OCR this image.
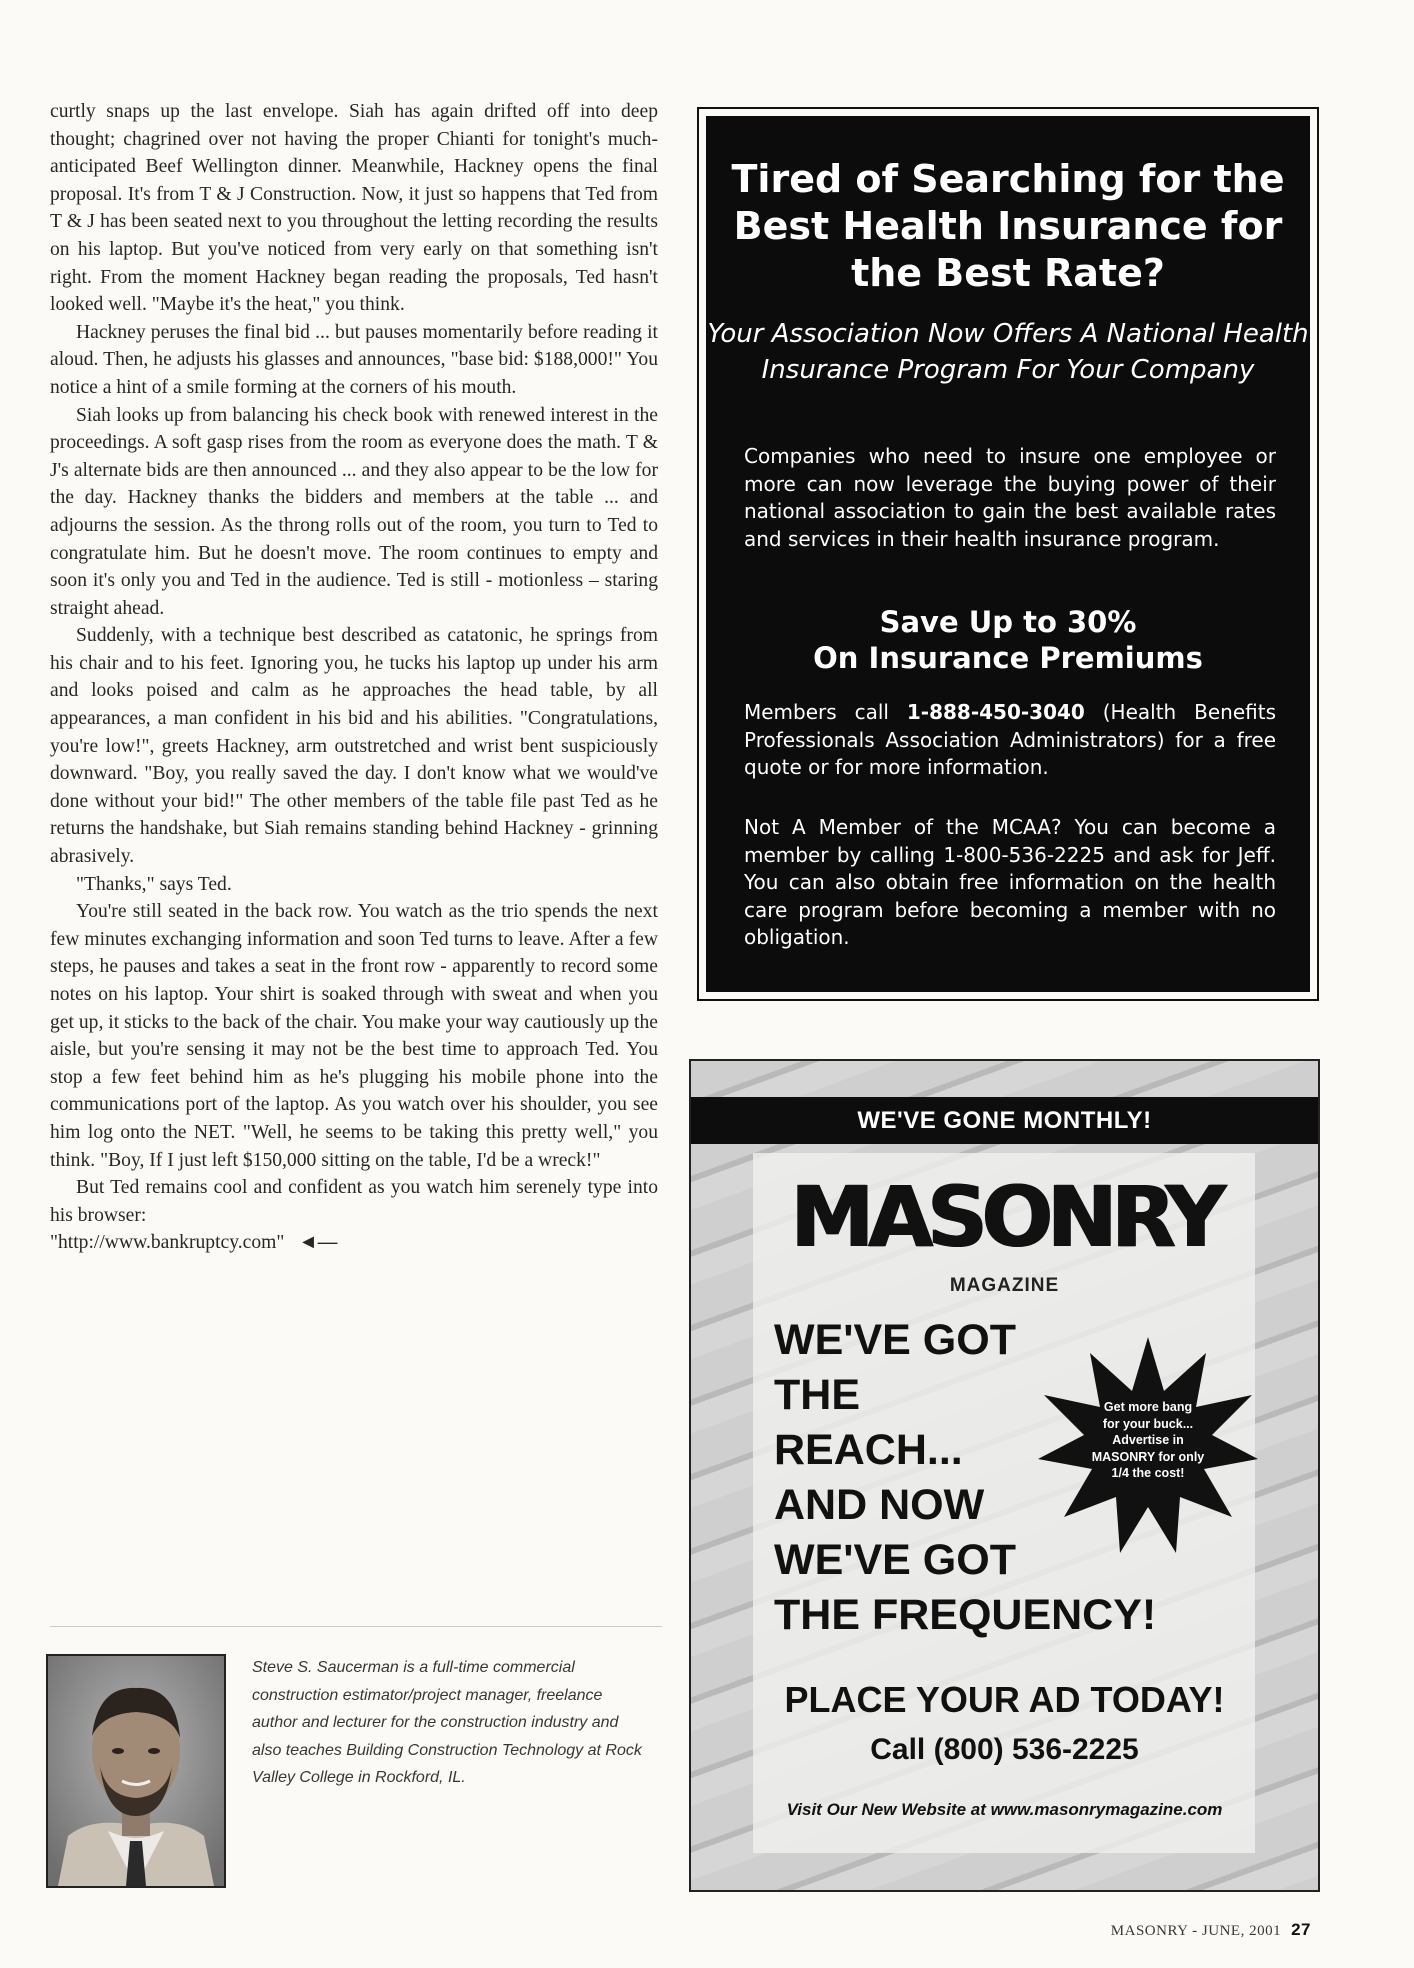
curtly snaps up the last envelope. Siah has again drifted off into deep thought; chagrined over not having the proper Chianti for tonight's much-anticipated Beef Wellington dinner. Meanwhile, Hackney opens the final proposal. It's from T & J Construction. Now, it just so happens that Ted from T & J has been seated next to you throughout the letting recording the results on his laptop. But you've noticed from very early on that something isn't right. From the moment Hackney began reading the proposals, Ted hasn't looked well. "Maybe it's the heat," you think.

Hackney peruses the final bid ... but pauses momentarily before reading it aloud. Then, he adjusts his glasses and announces, "base bid: $188,000!" You notice a hint of a smile forming at the corners of his mouth.

Siah looks up from balancing his check book with renewed interest in the proceedings. A soft gasp rises from the room as everyone does the math. T & J's alternate bids are then announced ... and they also appear to be the low for the day. Hackney thanks the bidders and members at the table ... and adjourns the session. As the throng rolls out of the room, you turn to Ted to congratulate him. But he doesn't move. The room continues to empty and soon it's only you and Ted in the audience. Ted is still - motionless – staring straight ahead.

Suddenly, with a technique best described as catatonic, he springs from his chair and to his feet. Ignoring you, he tucks his laptop up under his arm and looks poised and calm as he approaches the head table, by all appearances, a man confident in his bid and his abilities. "Congratulations, you're low!", greets Hackney, arm outstretched and wrist bent suspiciously downward. "Boy, you really saved the day. I don't know what we would've done without your bid!" The other members of the table file past Ted as he returns the handshake, but Siah remains standing behind Hackney - grinning abrasively.

"Thanks," says Ted.

You're still seated in the back row. You watch as the trio spends the next few minutes exchanging information and soon Ted turns to leave. After a few steps, he pauses and takes a seat in the front row - apparently to record some notes on his laptop. Your shirt is soaked through with sweat and when you get up, it sticks to the back of the chair. You make your way cautiously up the aisle, but you're sensing it may not be the best time to approach Ted. You stop a few feet behind him as he's plugging his mobile phone into the communications port of the laptop. As you watch over his shoulder, you see him log onto the NET. "Well, he seems to be taking this pretty well," you think. "Boy, If I just left $150,000 sitting on the table, I'd be a wreck!"

But Ted remains cool and confident as you watch him serenely type into his browser:

"http://www.bankruptcy.com" ◄—

Steve S. Saucerman is a full-time commercial construction estimator/project manager, freelance author and lecturer for the construction industry and also teaches Building Construction Technology at Rock Valley College in Rockford, IL.
Tired of Searching for the Best Health Insurance for the Best Rate?
Your Association Now Offers A National Health Insurance Program For Your Company
Companies who need to insure one employee or more can now leverage the buying power of their national association to gain the best available rates and services in their health insurance program.
Save Up to 30%
On Insurance Premiums
Members call 1-888-450-3040 (Health Benefits Professionals Association Administrators) for a free quote or for more information.
Not A Member of the MCAA? You can become a member by calling 1-800-536-2225 and ask for Jeff. You can also obtain free information on the health care program before becoming a member with no obligation.
WE'VE GONE MONTHLY!
MASONRY
MAGAZINE
WE'VE GOT
THE
REACH...
AND NOW
WE'VE GOT
THE FREQUENCY!
Get more bang
for your buck...
Advertise in
MASONRY for only
1/4 the cost!
PLACE YOUR AD TODAY!
Call (800) 536-2225
Visit Our New Website at www.masonrymagazine.com
MASONRY - JUNE, 2001 27
